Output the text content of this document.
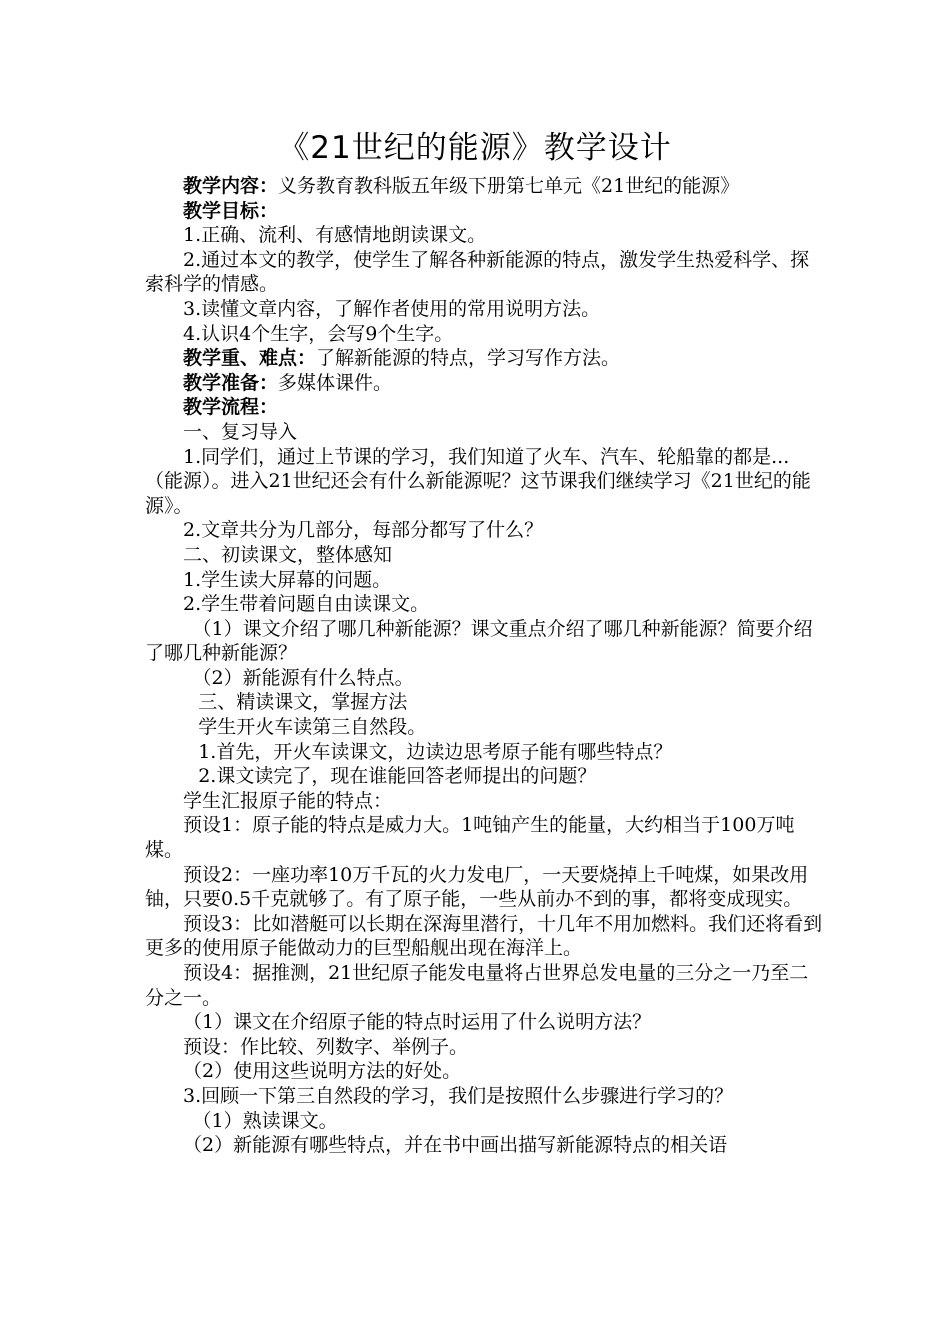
《21世纪的能源》教学设计

教学内容：义务教育教科版五年级下册第七单元《21世纪的能源》

教学目标：

1.正确、流利、有感情地朗读课文。

2.通过本文的教学，使学生了解各种新能源的特点，激发学生热爱科学、探索科学的情感。

3.读懂文章内容，了解作者使用的常用说明方法。

4.认识4个生字，会写9个生字。

教学重、难点：了解新能源的特点，学习写作方法。

教学准备：多媒体课件。

教学流程：

一、复习导入

1.同学们，通过上节课的学习，我们知道了火车、汽车、轮船靠的都是...（能源）。进入21世纪还会有什么新能源呢？这节课我们继续学习《21世纪的能源》。

2.文章共分为几部分，每部分都写了什么？

二、初读课文，整体感知

1.学生读大屏幕的问题。

2.学生带着问题自由读课文。

（1）课文介绍了哪几种新能源？课文重点介绍了哪几种新能源？简要介绍了哪几种新能源？

（2）新能源有什么特点。

三、精读课文，掌握方法

学生开火车读第三自然段。

1.首先，开火车读课文，边读边思考原子能有哪些特点？

2.课文读完了，现在谁能回答老师提出的问题？

学生汇报原子能的特点：

预设1：原子能的特点是威力大。1吨铀产生的能量，大约相当于100万吨煤。

预设2：一座功率10万千瓦的火力发电厂，一天要烧掉上千吨煤，如果改用铀，只要0.5千克就够了。有了原子能，一些从前办不到的事，都将变成现实。

预设3：比如潜艇可以长期在深海里潜行，十几年不用加燃料。我们还将看到更多的使用原子能做动力的巨型船舰出现在海洋上。

预设4：据推测，21世纪原子能发电量将占世界总发电量的三分之一乃至二分之一。

（1）课文在介绍原子能的特点时运用了什么说明方法？

预设：作比较、列数字、举例子。

（2）使用这些说明方法的好处。

3.回顾一下第三自然段的学习，我们是按照什么步骤进行学习的？

（1）熟读课文。

（2）新能源有哪些特点，并在书中画出描写新能源特点的相关语
